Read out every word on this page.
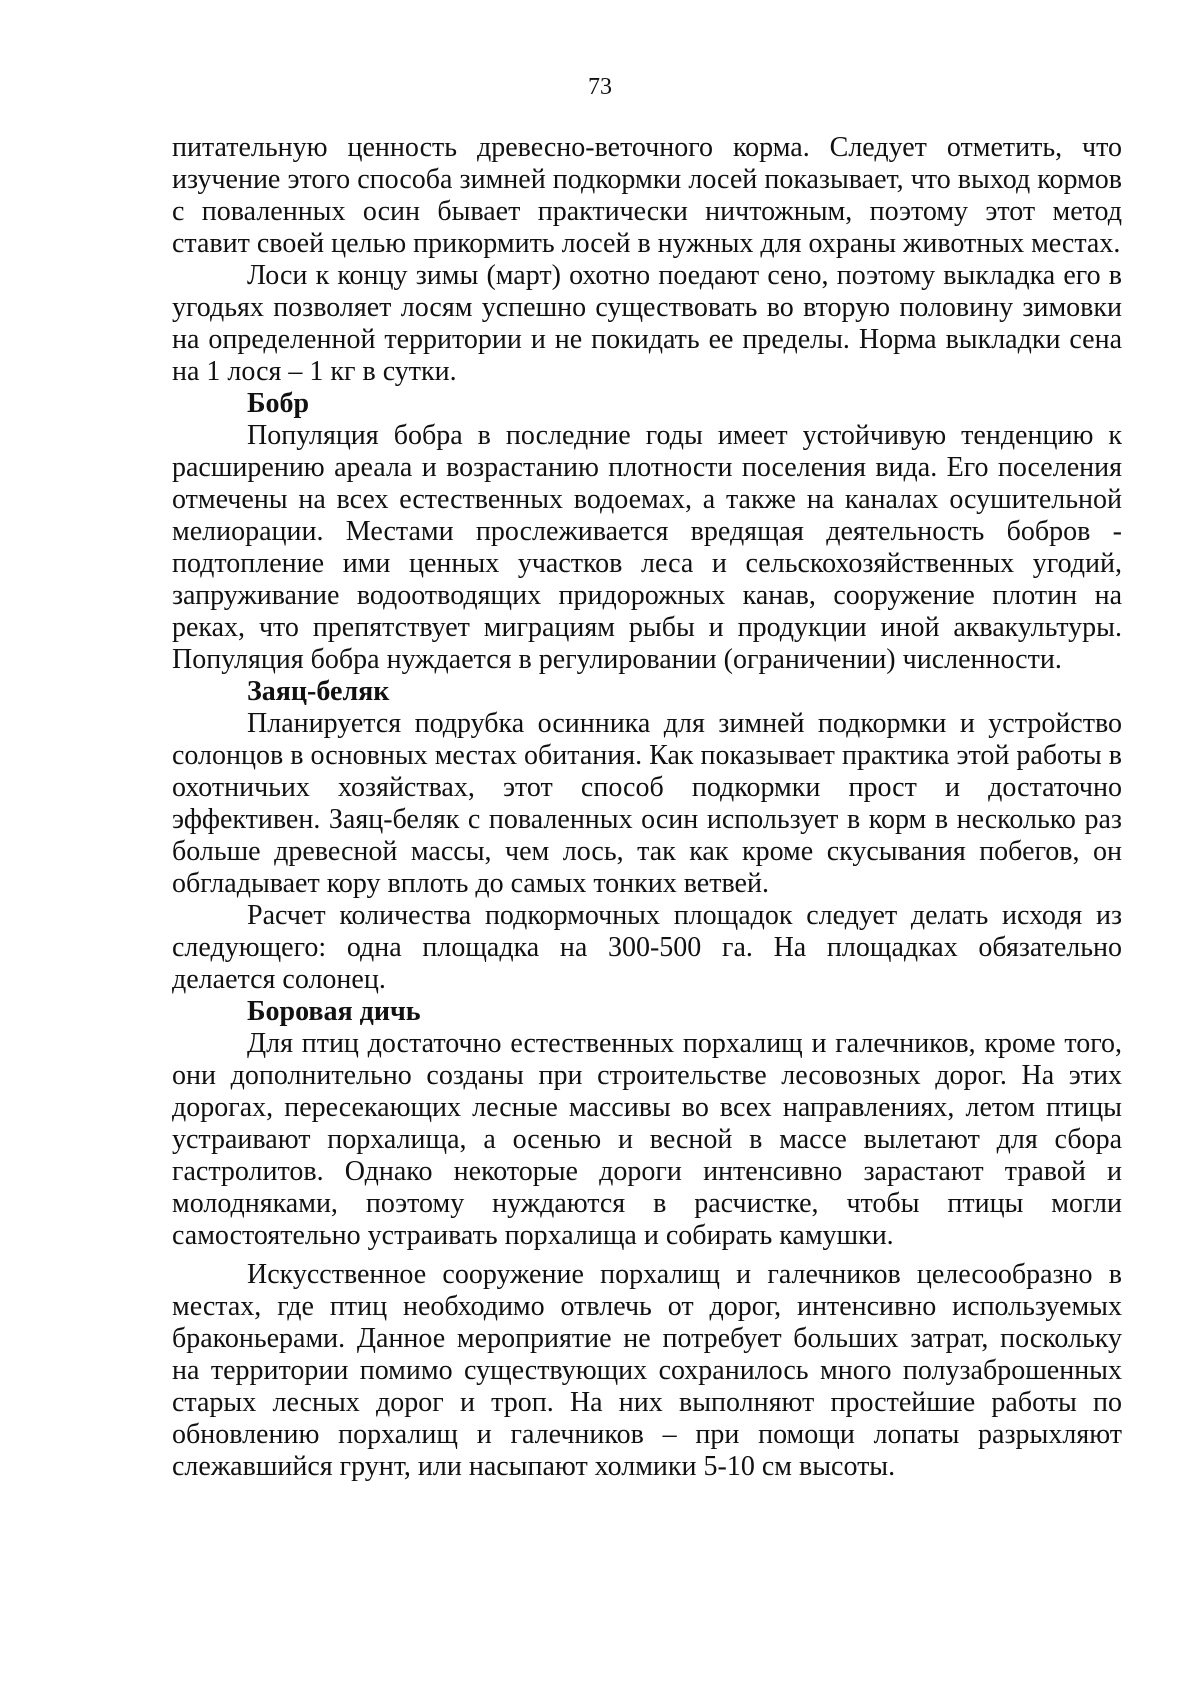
73

питательную ценность древесно-веточного корма. Следует отметить, что изучение этого способа зимней подкормки лосей показывает, что выход кормов с поваленных осин бывает практически ничтожным, поэтому этот метод ставит своей целью прикормить лосей в нужных для охраны животных местах.

Лоси к концу зимы (март) охотно поедают сено, поэтому выкладка его в угодьях позволяет лосям успешно существовать во вторую половину зимовки на определенной территории и не покидать ее пределы. Норма выкладки сена на 1 лося – 1 кг в сутки.

Бобр

Популяция бобра в последние годы имеет устойчивую тенденцию к расширению ареала и возрастанию плотности поселения вида. Его поселения отмечены на всех естественных водоемах, а также на каналах осушительной мелиорации. Местами прослеживается вредящая деятельность бобров - подтопление ими ценных участков леса и сельскохозяйственных угодий, запруживание водоотводящих придорожных канав, сооружение плотин на реках, что препятствует миграциям рыбы и продукции иной аквакультуры. Популяция бобра нуждается в регулировании (ограничении) численности.

Заяц-беляк

Планируется подрубка осинника для зимней подкормки и устройство солонцов в основных местах обитания. Как показывает практика этой работы в охотничьих хозяйствах, этот способ подкормки прост и достаточно эффективен. Заяц-беляк с поваленных осин использует в корм в несколько раз больше древесной массы, чем лось, так как кроме скусывания побегов, он обгладывает кору вплоть до самых тонких ветвей.

Расчет количества подкормочных площадок следует делать исходя из следующего: одна площадка на 300-500 га. На площадках обязательно делается солонец.

Боровая дичь

Для птиц достаточно естественных порхалищ и галечников, кроме того, они дополнительно созданы при строительстве лесовозных дорог. На этих дорогах, пересекающих лесные массивы во всех направлениях, летом птицы устраивают порхалища, а осенью и весной в массе вылетают для сбора гастролитов. Однако некоторые дороги интенсивно зарастают травой и молодняками, поэтому нуждаются в расчистке, чтобы птицы могли самостоятельно устраивать порхалища и собирать камушки.

Искусственное сооружение порхалищ и галечников целесообразно в местах, где птиц необходимо отвлечь от дорог, интенсивно используемых браконьерами. Данное мероприятие не потребует больших затрат, поскольку на территории помимо существующих сохранилось много полузаброшенных старых лесных дорог и троп. На них выполняют простейшие работы по обновлению порхалищ и галечников – при помощи лопаты разрыхляют слежавшийся грунт, или насыпают холмики 5-10 см высоты.
